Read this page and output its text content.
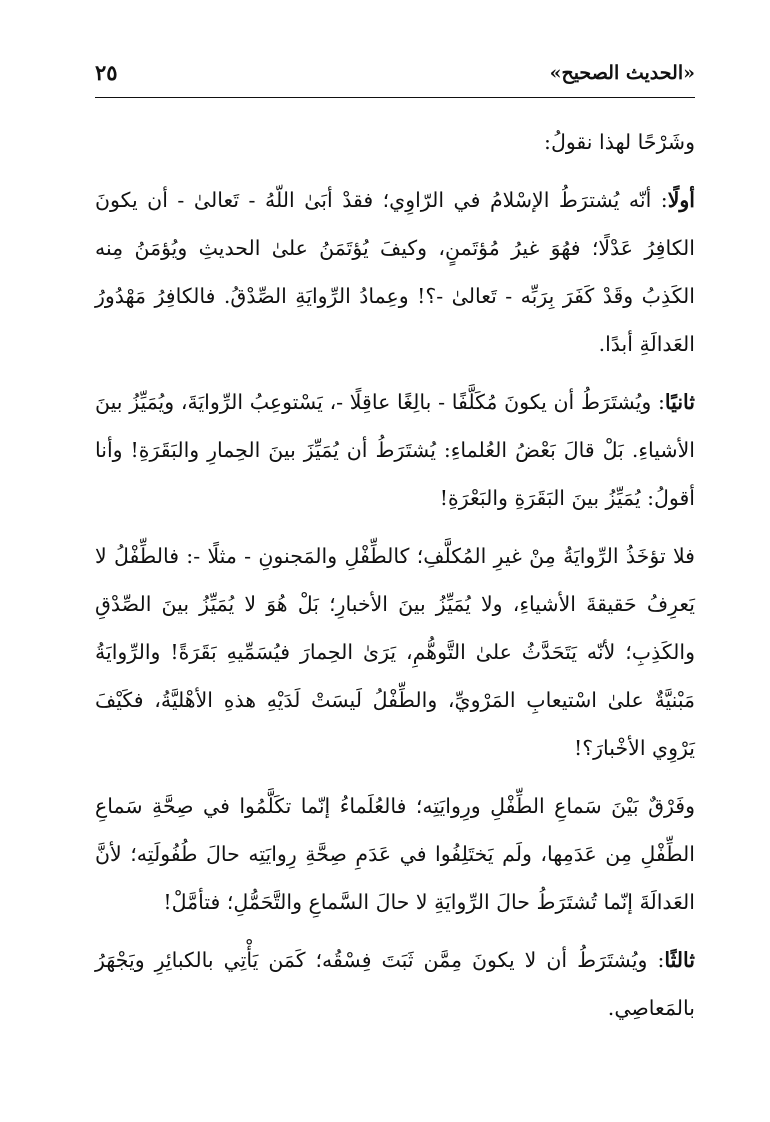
«الحديث الصحيح»
٢٥

وشَرْحًا لهذا نقولُ:

أولًا: أنّه يُشترَطُ الإسْلامُ في الرّاوِي؛ فقدْ أبَىٰ اللّهُ - تَعالىٰ - أن يكونَ الكافِرُ عَدْلًا؛ فهُوَ غيرُ مُؤتَمنٍ، وكيفَ يُؤتَمَنُ علىٰ الحديثِ ويُؤمَنُ مِنه الكَذِبُ وقَدْ كَفَرَ بِرَبِّه - تَعالىٰ -؟! وعِمادُ الرِّوايَةِ الصِّدْقُ. فالكافِرُ مَهْدُورُ العَدالَةِ أبدًا.

ثانيًا: ويُشتَرَطُ أن يكونَ مُكَلَّفًا - بالِغًا عاقِلًا -، يَسْتوعِبُ الرِّوايَةَ، ويُمَيِّزُ بينَ الأشياءِ. بَلْ قالَ بَعْضُ العُلماءِ: يُشتَرَطُ أن يُمَيِّزَ بينَ الحِمارِ والبَقَرَةِ! وأنا أقولُ: يُمَيِّزُ بينَ البَقَرَةِ والبَعْرَةِ!

فلا تؤخَذُ الرِّوايَةُ مِنْ غيرِ المُكلَّفِ؛ كالطِّفْلِ والمَجنونِ - مثلًا -: فالطِّفْلُ لا يَعرِفُ حَقيقةَ الأشياءِ، ولا يُمَيِّزُ بينَ الأخبارِ؛ بَلْ هُوَ لا يُمَيِّزُ بينَ الصِّدْقِ والكَذِبِ؛ لأنّه يَتَحَدَّثُ علىٰ التَّوهُّمِ، يَرَىٰ الحِمارَ فيُسَمِّيهِ بَقَرَةً! والرِّوايَةُ مَبْنيَّةٌ علىٰ اسْتيعابِ المَرْويِّ، والطِّفْلُ لَيسَتْ لَدَيْهِ هذهِ الأهْليَّةُ، فكَيْفَ يَرْوِي الأخْبارَ؟!

وفَرْقٌ بَيْنَ سَماعِ الطِّفْلِ ورِوايَتِه؛ فالعُلَماءُ إنّما تكَلَّمُوا في صِحَّةِ سَماعِ الطِّفْلِ مِن عَدَمِها، ولَم يَختَلِفُوا في عَدَمِ صِحَّةِ رِوايَتِه حالَ طُفُولَتِه؛ لأنَّ العَدالَةَ إنّما تُشتَرَطُ حالَ الرِّوايَةِ لا حالَ السَّماعِ والتَّحَمُّلِ؛ فتأمَّلْ!

ثالثًا: ويُشتَرَطُ أن لا يكونَ مِمَّن ثَبَتَ فِسْقُه؛ كَمَن يَأْتِي بالكبائِرِ ويَجْهَرُ بالمَعاصِي.
